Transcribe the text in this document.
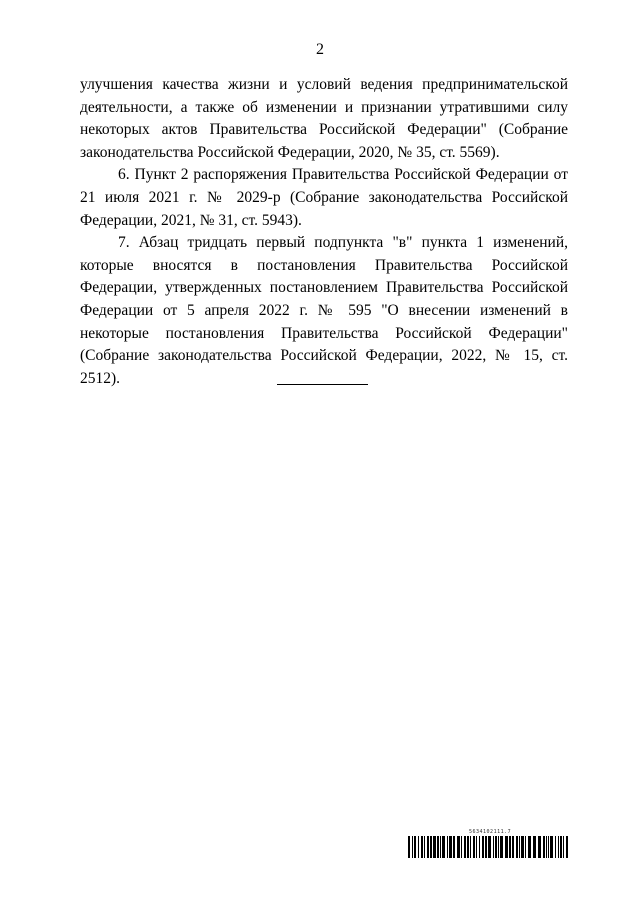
2

улучшения качества жизни и условий ведения предпринимательской деятельности, а также об изменении и признании утратившими силу некоторых актов Правительства Российской Федерации" (Собрание законодательства Российской Федерации, 2020, № 35, ст. 5569).

6. Пункт 2 распоряжения Правительства Российской Федерации от 21 июля 2021 г. № 2029-р (Собрание законодательства Российской Федерации, 2021, № 31, ст. 5943).

7. Абзац тридцать первый подпункта "в" пункта 1 изменений, которые вносятся в постановления Правительства Российской Федерации, утвержденных постановлением Правительства Российской Федерации от 5 апреля 2022 г. № 595 "О внесении изменений в некоторые постановления Правительства Российской Федерации" (Собрание законодательства Российской Федерации, 2022, № 15, ст. 2512).

5634102111.7
